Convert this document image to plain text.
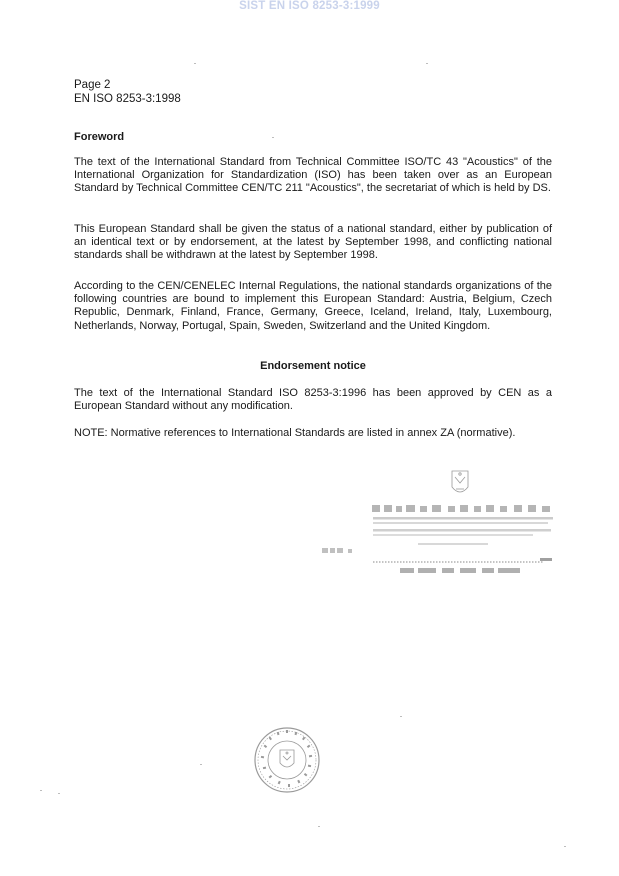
SIST EN ISO 8253-3:1999
Page 2
EN ISO 8253-3:1998

Foreword

The text of the International Standard from Technical Committee ISO/TC 43 "Acoustics" of the International Organization for Standardization (ISO) has been taken over as an European Standard by Technical Committee CEN/TC 211 "Acoustics", the secretariat of which is held by DS.

This European Standard shall be given the status of a national standard, either by publication of an identical text or by endorsement, at the latest by September 1998, and conflicting national standards shall be withdrawn at the latest by September 1998.

According to the CEN/CENELEC Internal Regulations, the national standards organizations of the following countries are bound to implement this European Standard: Austria, Belgium, Czech Republic, Denmark, Finland, France, Germany, Greece, Iceland, Ireland, Italy, Luxembourg, Netherlands, Norway, Portugal, Spain, Sweden, Switzerland and the United Kingdom.

Endorsement notice

The text of the International Standard ISO 8253-3:1996 has been approved by CEN as a European Standard without any modification.

NOTE: Normative references to International Standards are listed in annex ZA (normative).
